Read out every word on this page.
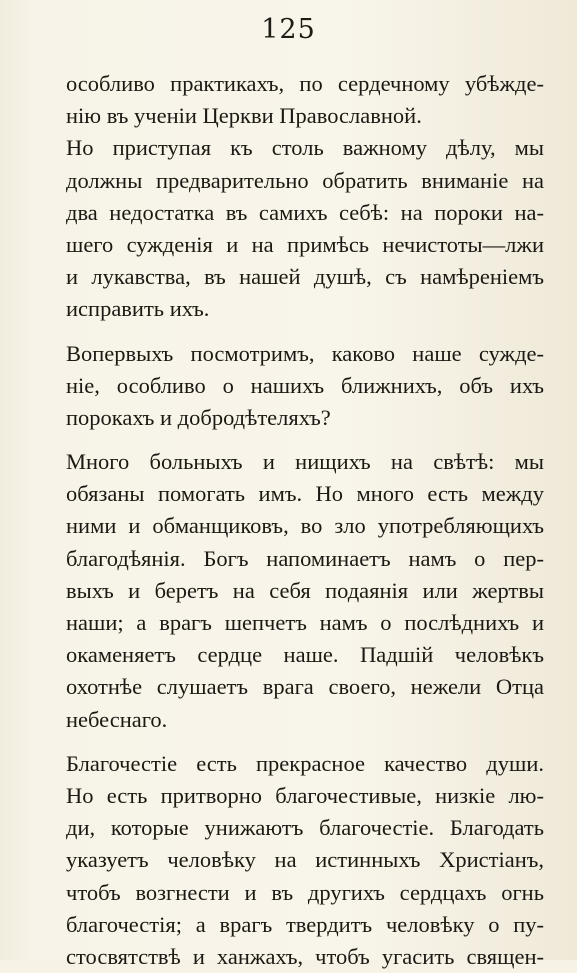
125
особливо практикахъ, по сердечному убѣжде-
нію въ ученіи Церкви Православной.
Но приступая къ столь важному дѣлу, мы
должны предварительно обратить вниманіе на
два недостатка въ самихъ себѣ: на пороки на-
шего сужденія и на примѣсь нечистоты—лжи
и лукавства, въ нашей душѣ, съ намѣреніемъ
исправить ихъ.
Вопервыхъ посмотримъ, каково наше сужде-
ніе, особливо о нашихъ ближнихъ, объ ихъ
порокахъ и добродѣтеляхъ?
Много больныхъ и нищихъ на свѣтѣ: мы
обязаны помогать имъ. Но много есть между
ними и обманщиковъ, во зло употребляющихъ
благодѣянія. Богъ напоминаетъ намъ о пер-
выхъ и беретъ на себя подаянія или жертвы
наши; а врагъ шепчетъ намъ о послѣднихъ и
окаменяетъ сердце наше. Падшій человѣкъ
охотнѣе слушаетъ врага своего, нежели Отца
небеснаго.
Благочестіе есть прекрасное качество души.
Но есть притворно благочестивые, низкіе лю-
ди, которые унижаютъ благочестіе. Благодать
указуетъ человѣку на истинныхъ Христіанъ,
чтобъ возгнести и въ другихъ сердцахъ огнь
благочестія; а врагъ твердитъ человѣку о пу-
стосвятствѣ и ханжахъ, чтобъ угасить священ-
